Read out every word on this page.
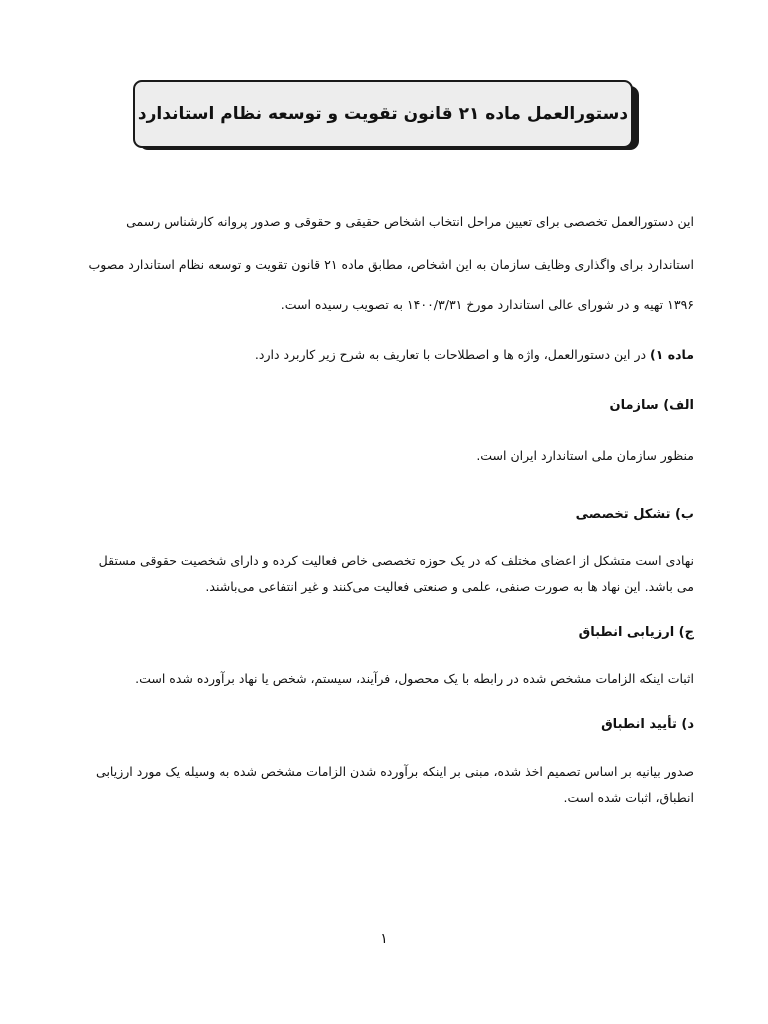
دستورالعمل ماده ۲۱ قانون تقویت و توسعه نظام استاندارد
این دستورالعمل تخصصی برای تعیین مراحل انتخاب اشخاص حقیقی و حقوقی و صدور پروانه کارشناس رسمی
استاندارد برای واگذاری وظایف سازمان به این اشخاص، مطابق ماده ۲۱ قانون تقویت و توسعه نظام استاندارد مصوب
۱۳۹۶ تهیه و در شورای عالی استاندارد مورخ ۱۴۰۰/۳/۳۱ به تصویب رسیده است.
ماده ۱) در این دستورالعمل، واژه ها و اصطلاحات با تعاریف به شرح زیر کاربرد دارد.
الف) سازمان
منظور سازمان ملی استاندارد ایران است.
ب) تشکل تخصصی
نهادی است متشکل از اعضای مختلف که در یک حوزه تخصصی خاص فعالیت کرده و دارای شخصیت حقوقی مستقل
می باشد. این نهاد ها به صورت صنفی، علمی و صنعتی فعالیت می‌کنند و غیر انتفاعی می‌باشند.
ج) ارزیابی انطباق
اثبات اینکه الزامات مشخص شده در رابطه با یک محصول، فرآیند، سیستم، شخص یا نهاد برآورده شده است.
د) تأیید انطباق
صدور بیانیه بر اساس تصمیم اخذ شده، مبنی بر اینکه برآورده شدن الزامات مشخص شده به وسیله یک مورد ارزیابی
انطباق، اثبات شده است.
۱
